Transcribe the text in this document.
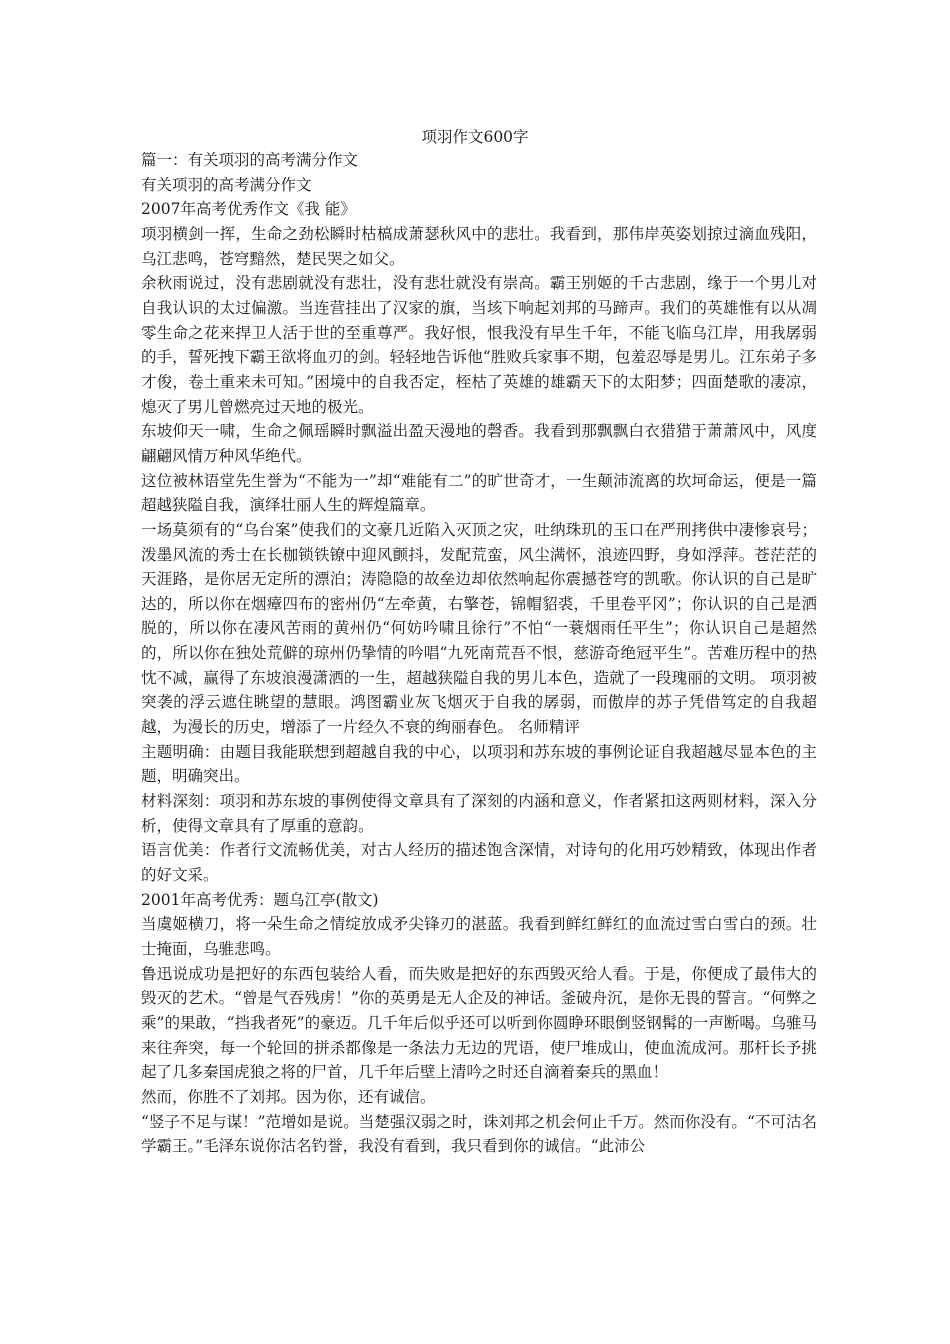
项羽作文600字

篇一：有关项羽的高考满分作文

有关项羽的高考满分作文

2007年高考优秀作文《我 能》

项羽横剑一挥，生命之劲松瞬时枯槁成萧瑟秋风中的悲壮。我看到，那伟岸英姿划掠过滴血残阳，乌江悲鸣，苍穹黯然，楚民哭之如父。

余秋雨说过，没有悲剧就没有悲壮，没有悲壮就没有崇高。霸王别姬的千古悲剧，缘于一个男儿对自我认识的太过偏激。当连营挂出了汉家的旗，当垓下响起刘邦的马蹄声。我们的英雄惟有以从凋零生命之花来捍卫人活于世的至重尊严。我好恨，恨我没有早生千年，不能飞临乌江岸，用我孱弱的手，誓死拽下霸王欲将血刃的剑。轻轻地告诉他“胜败兵家事不期，包羞忍辱是男儿。江东弟子多才俊，卷土重来未可知。”困境中的自我否定，桎枯了英雄的雄霸天下的太阳梦；四面楚歌的凄凉，熄灭了男儿曾燃亮过天地的极光。

东坡仰天一啸，生命之佩瑶瞬时飘溢出盈天漫地的磬香。我看到那飘飘白衣猎猎于萧萧风中，风度翩翩风情万种风华绝代。

这位被林语堂先生誉为“不能为一”却“难能有二”的旷世奇才，一生颠沛流离的坎坷命运，便是一篇超越狭隘自我，演绎壮丽人生的辉煌篇章。

一场莫须有的“乌台案”使我们的文豪几近陷入灭顶之灾，吐纳珠玑的玉口在严刑拷供中凄惨哀号；泼墨风流的秀士在长枷锁铁镣中迎风颤抖，发配荒蛮，风尘满怀，浪迹四野，身如浮萍。苍茫茫的天涯路，是你居无定所的漂泊；涛隐隐的故垒边却依然响起你震撼苍穹的凯歌。你认识的自己是旷达的，所以你在烟瘴四布的密州仍“左牵黄，右擎苍，锦帽貂裘，千里卷平冈”；你认识的自己是洒脱的，所以你在凄风苦雨的黄州仍“何妨吟啸且徐行”不怕“一蓑烟雨任平生”；你认识自己是超然的，所以你在独处荒僻的琼州仍挚情的吟唱“九死南荒吾不恨，慈游奇绝冠平生”。苦难历程中的热忱不减，赢得了东坡浪漫潇洒的一生，超越狭隘自我的男儿本色，造就了一段瑰丽的文明。 项羽被突袭的浮云遮住眺望的慧眼。鸿图霸业灰飞烟灭于自我的孱弱，而傲岸的苏子凭借笃定的自我超越，为漫长的历史，增添了一片经久不衰的绚丽春色。 名师精评

主题明确：由题目我能联想到超越自我的中心，以项羽和苏东坡的事例论证自我超越尽显本色的主题，明确突出。

材料深刻：项羽和苏东坡的事例使得文章具有了深刻的内涵和意义，作者紧扣这两则材料，深入分析，使得文章具有了厚重的意韵。

语言优美：作者行文流畅优美，对古人经历的描述饱含深情，对诗句的化用巧妙精致，体现出作者的好文采。

2001年高考优秀：题乌江亭(散文)

当虞姬横刀，将一朵生命之情绽放成矛尖锋刃的湛蓝。我看到鲜红鲜红的血流过雪白雪白的颈。壮士掩面，乌骓悲鸣。

鲁迅说成功是把好的东西包装给人看，而失败是把好的东西毁灭给人看。于是，你便成了最伟大的毁灭的艺术。“曾是气吞残虏！”你的英勇是无人企及的神话。釜破舟沉，是你无畏的誓言。“何弊之乘”的果敢，“挡我者死”的豪迈。几千年后似乎还可以听到你圆睁环眼倒竖钢髯的一声断喝。乌骓马来往奔突，每一个轮回的拼杀都像是一条法力无边的咒语，使尸堆成山，使血流成河。那杆长予挑起了几多秦国虎狼之将的尸首，几千年后壁上清吟之时还自滴着秦兵的黑血！

然而，你胜不了刘邦。因为你，还有诚信。

“竖子不足与谋！”范增如是说。当楚强汉弱之时，诛刘邦之机会何止千万。然而你没有。“不可沽名学霸王。”毛泽东说你沽名钓誉，我没有看到，我只看到你的诚信。“此沛公
